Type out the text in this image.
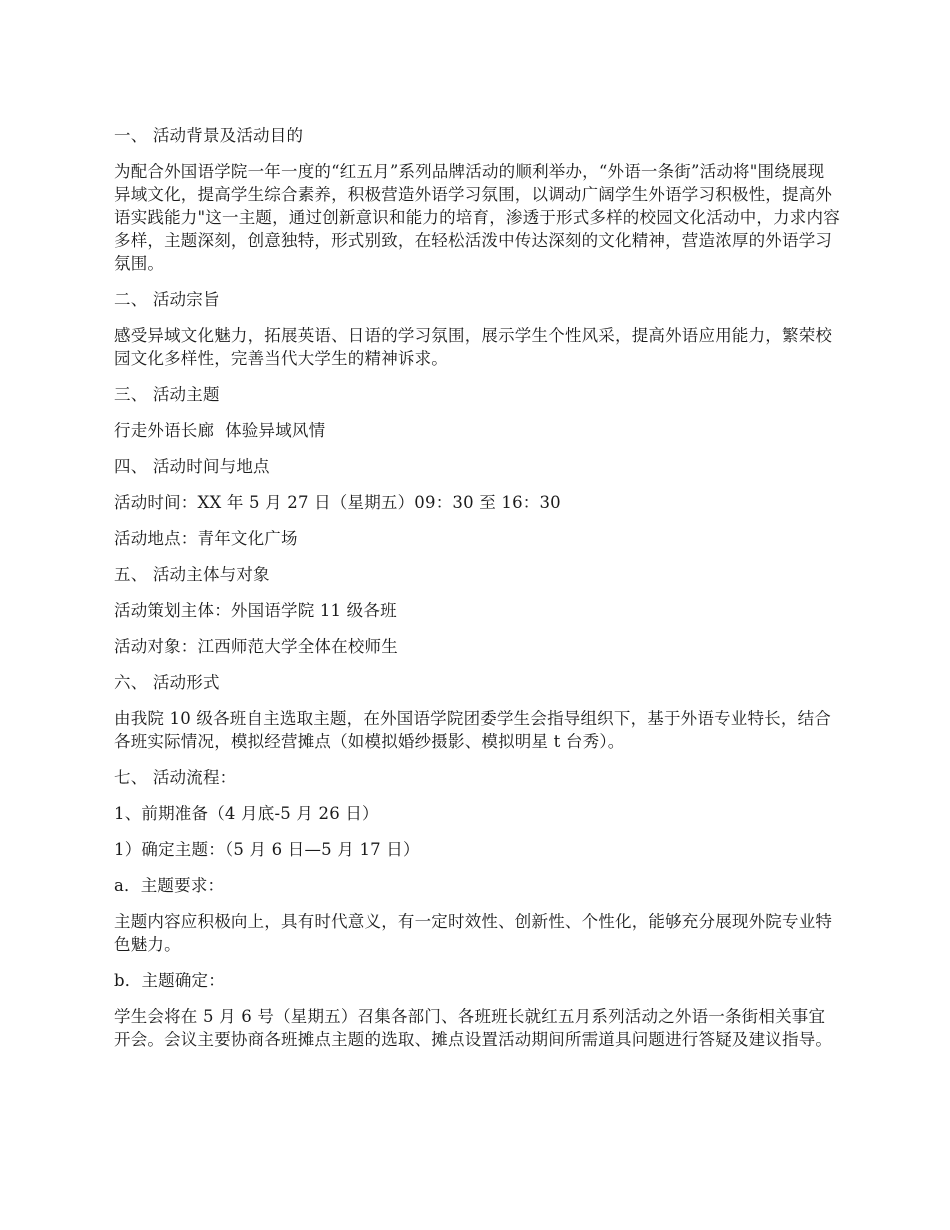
一、 活动背景及活动目的

为配合外国语学院一年一度的“红五月”系列品牌活动的顺利举办，“外语一条街”活动将"围绕展现异域文化，提高学生综合素养，积极营造外语学习氛围，以调动广阔学生外语学习积极性，提高外语实践能力"这一主题，通过创新意识和能力的培育，渗透于形式多样的校园文化活动中，力求内容多样，主题深刻，创意独特，形式别致，在轻松活泼中传达深刻的文化精神，营造浓厚的外语学习氛围。

二、 活动宗旨

感受异域文化魅力，拓展英语、日语的学习氛围，展示学生个性风采，提高外语应用能力，繁荣校园文化多样性，完善当代大学生的精神诉求。

三、 活动主题

行走外语长廊  体验异域风情

四、 活动时间与地点

活动时间：XX 年 5 月 27 日（星期五）09：30 至 16：30

活动地点：青年文化广场

五、 活动主体与对象

活动策划主体：外国语学院 11 级各班

活动对象：江西师范大学全体在校师生

六、 活动形式

由我院 10 级各班自主选取主题，在外国语学院团委学生会指导组织下，基于外语专业特长，结合各班实际情况，模拟经营摊点（如模拟婚纱摄影、模拟明星 t 台秀）。

七、 活动流程：

1、前期准备（4 月底-5 月 26 日）

1）确定主题：（5 月 6 日—5 月 17 日）

a．主题要求：

主题内容应积极向上，具有时代意义，有一定时效性、创新性、个性化，能够充分展现外院专业特色魅力。

b．主题确定：

学生会将在 5 月 6 号（星期五）召集各部门、各班班长就红五月系列活动之外语一条街相关事宜开会。会议主要协商各班摊点主题的选取、摊点设置活动期间所需道具问题进行答疑及建议指导。
